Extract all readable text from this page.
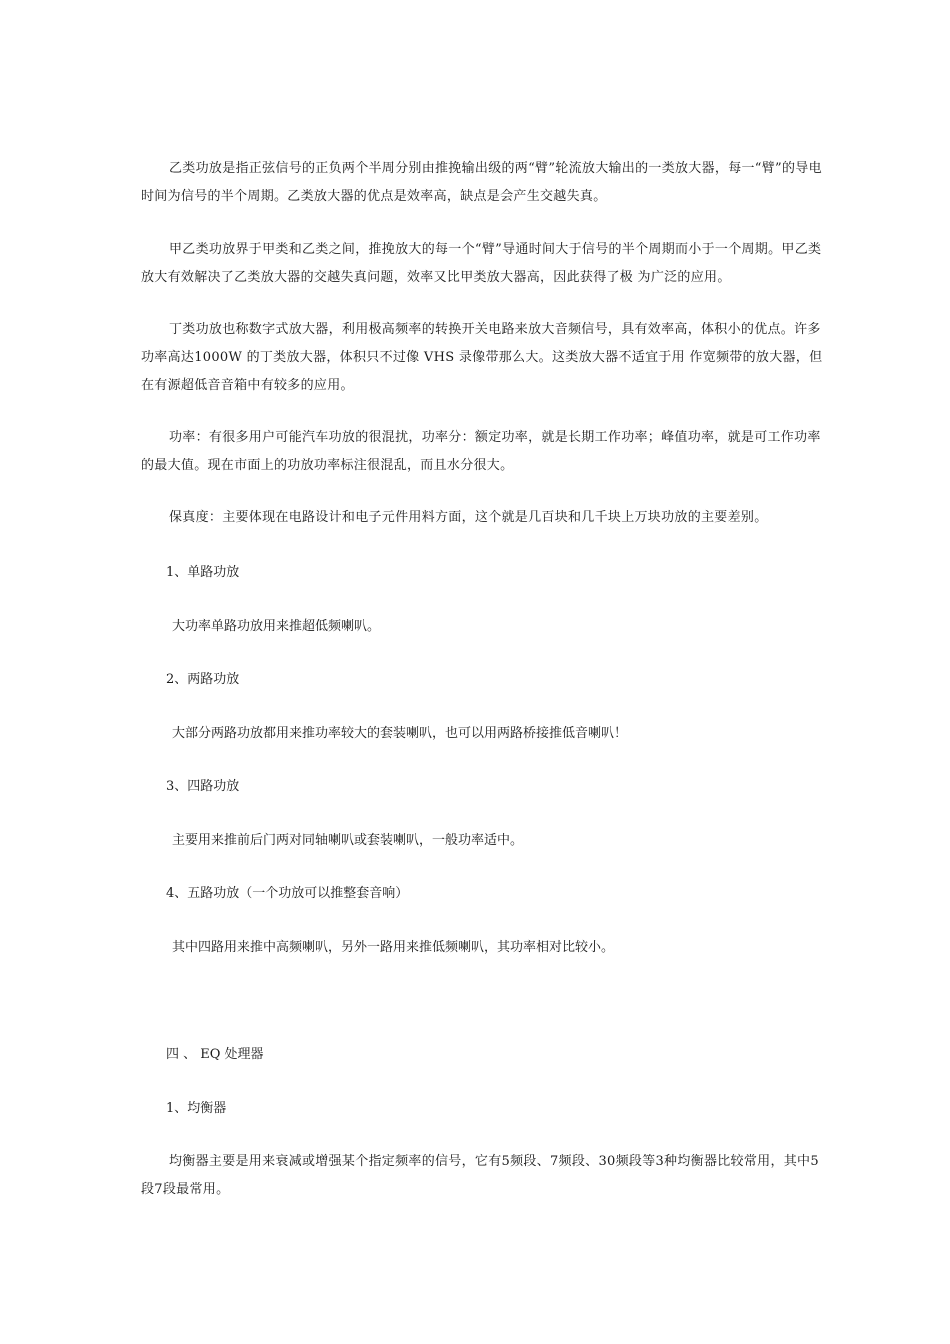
乙类功放是指正弦信号的正负两个半周分别由推挽输出级的两“臂”轮流放大输出的一类放大器，每一“臂”的导电时间为信号的半个周期。乙类放大器的优点是效率高，缺点是会产生交越失真。

甲乙类功放界于甲类和乙类之间，推挽放大的每一个“臂”导通时间大于信号的半个周期而小于一个周期。甲乙类放大有效解决了乙类放大器的交越失真问题，效率又比甲类放大器高，因此获得了极 为广泛的应用。

丁类功放也称数字式放大器，利用极高频率的转换开关电路来放大音频信号，具有效率高，体积小的优点。许多功率高达1000W 的丁类放大器，体积只不过像 VHS 录像带那么大。这类放大器不适宜于用 作宽频带的放大器，但在有源超低音音箱中有较多的应用。

功率：有很多用户可能汽车功放的很混扰，功率分：额定功率，就是长期工作功率；峰值功率，就是可工作功率的最大值。现在市面上的功放功率标注很混乱，而且水分很大。

保真度：主要体现在电路设计和电子元件用料方面，这个就是几百块和几千块上万块功放的主要差别。

1、单路功放

大功率单路功放用来推超低频喇叭。

2、两路功放

大部分两路功放都用来推功率较大的套装喇叭，也可以用两路桥接推低音喇叭！

3、四路功放

主要用来推前后门两对同轴喇叭或套装喇叭，一般功率适中。

4、五路功放（一个功放可以推整套音响）

其中四路用来推中高频喇叭，另外一路用来推低频喇叭，其功率相对比较小。

四 、 EQ 处理器

1、均衡器

均衡器主要是用来衰减或增强某个指定频率的信号，它有5频段、7频段、30频段等3种均衡器比较常用，其中5段7段最常用。
